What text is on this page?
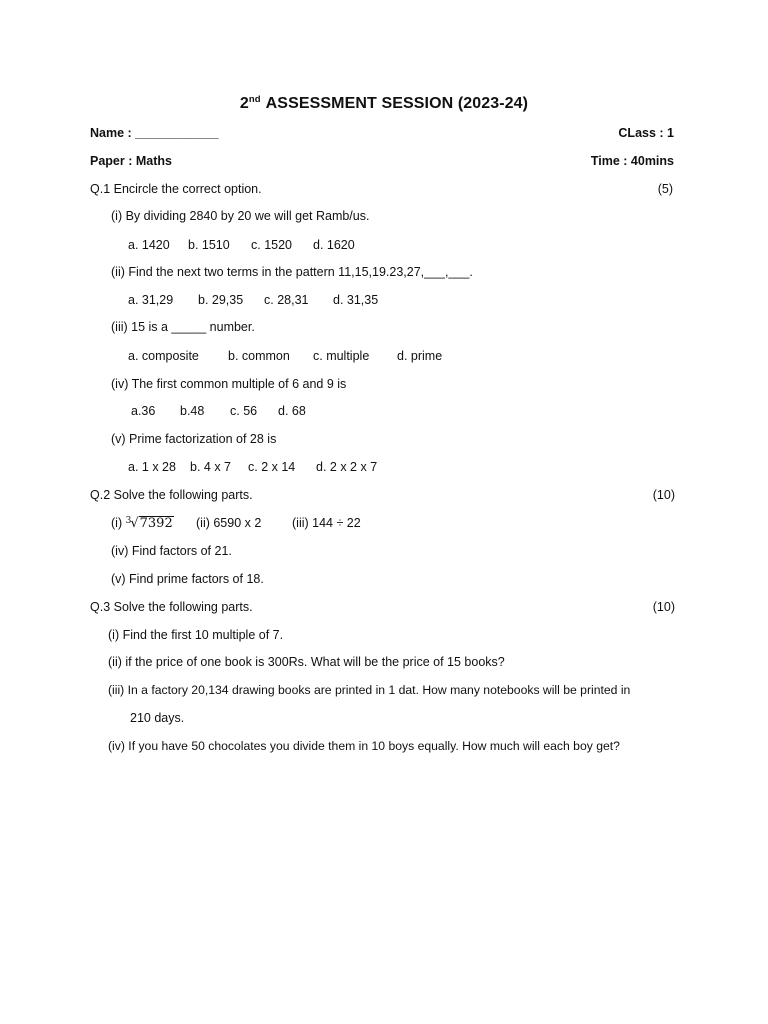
2nd ASSESSMENT SESSION (2023-24)
Name : ____________	CLass : 1
Paper : Maths	Time : 40mins
Q.1 Encircle the correct option.	(5)
(i) By dividing 2840 by 20 we will get Ramb/us.
a. 1420 b. 1510 c. 1520 d. 1620
(ii) Find the next two terms in the pattern 11,15,19.23,27,___,___.
a. 31,29 b. 29,35 c. 28,31 d. 31,35
(iii) 15 is a _____ number.
a. composite b. common c. multiple d. prime
(iv) The first common multiple of 6 and 9 is
a.36 b.48 c. 56 d. 68
(v) Prime factorization of 28 is
a. 1 x 28 b. 4 x 7 c. 2 x 14 d. 2 x 2 x 7
Q.2 Solve the following parts.	(10)
(i) $^3$√7392 (ii) 6590 x 2 (iii) 144 ÷ 22
(iv) Find factors of 21.
(v) Find prime factors of 18.
Q.3 Solve the following parts.	(10)
(i) Find the first 10 multiple of 7.
(ii) if the price of one book is 300Rs. What will be the price of 15 books?
(iii) In a factory 20,134 drawing books are printed in 1 dat. How many notebooks will be printed in
210 days.
(iv) If you have 50 chocolates you divide them in 10 boys equally. How much will each boy get?
